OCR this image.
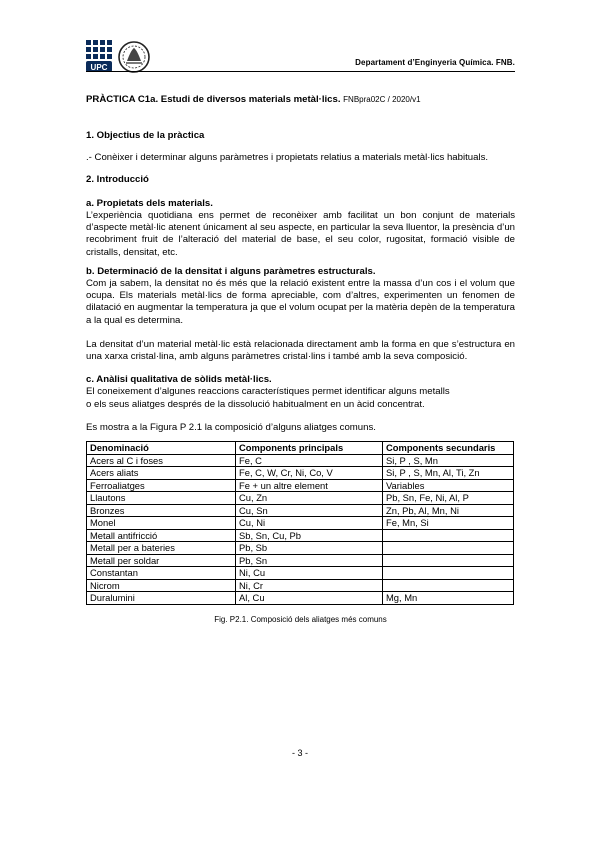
UPC
Departament d’Enginyeria Química. FNB.

PRÀCTICA C1a. Estudi de diversos materials metàl·lics. FNBpra02C / 2020/v1

1. Objectius de la pràctica

.- Conèixer i determinar alguns paràmetres i propietats relatius a materials metàl·lics habituals.

2. Introducció
a. Propietats dels materials.

L’experiència quotidiana ens permet de reconèixer amb facilitat un bon conjunt de materials d’aspecte metàl·lic atenent únicament al seu aspecte, en particular la seva lluentor, la presència d’un recobriment fruit de l’alteració del material de base, el seu color, rugositat, formació visible de cristalls, densitat, etc.

b. Determinació de la densitat i alguns paràmetres estructurals.

Com ja sabem, la densitat no és més que la relació existent entre la massa d’un cos i el volum que ocupa. Els materials metàl·lics de forma apreciable, com d’altres, experimenten un fenomen de dilatació en augmentar la temperatura ja que el volum ocupat per la matèria depèn de la temperatura a la qual es determina.

La densitat d’un material metàl·lic està relacionada directament amb la forma en que s’estructura en una xarxa cristal·lina, amb alguns paràmetres cristal·lins i també amb la seva composició.

c. Anàlisi qualitativa de sòlids metàl·lics.

El coneixement d’algunes reaccions característiques permet identificar alguns metalls

o els seus aliatges després de la dissolució habitualment en un àcid concentrat.

Es mostra a la Figura P 2.1 la composició d’alguns aliatges comuns.

Denominació	Components principals	Components secundaris
Acers al C i foses	Fe, C	Si, P , S, Mn
Acers aliats	Fe, C, W, Cr, Ni, Co, V	Si, P , S, Mn, Al, Ti, Zn
Ferroaliatges	Fe + un altre element	Variables
Llautons	Cu, Zn	Pb, Sn, Fe, Ni, Al, P
Bronzes	Cu, Sn	Zn, Pb, Al, Mn, Ni
Monel	Cu, Ni	Fe, Mn, Si
Metall antifricció	Sb, Sn, Cu, Pb	
Metall per a bateries	Pb, Sb	
Metall per soldar	Pb, Sn	
Constantan	Ni, Cu	
Nicrom	Ni, Cr	
Duralumini	Al, Cu	Mg, Mn

Fig. P2.1. Composició dels aliatges més comuns

- 3 -
